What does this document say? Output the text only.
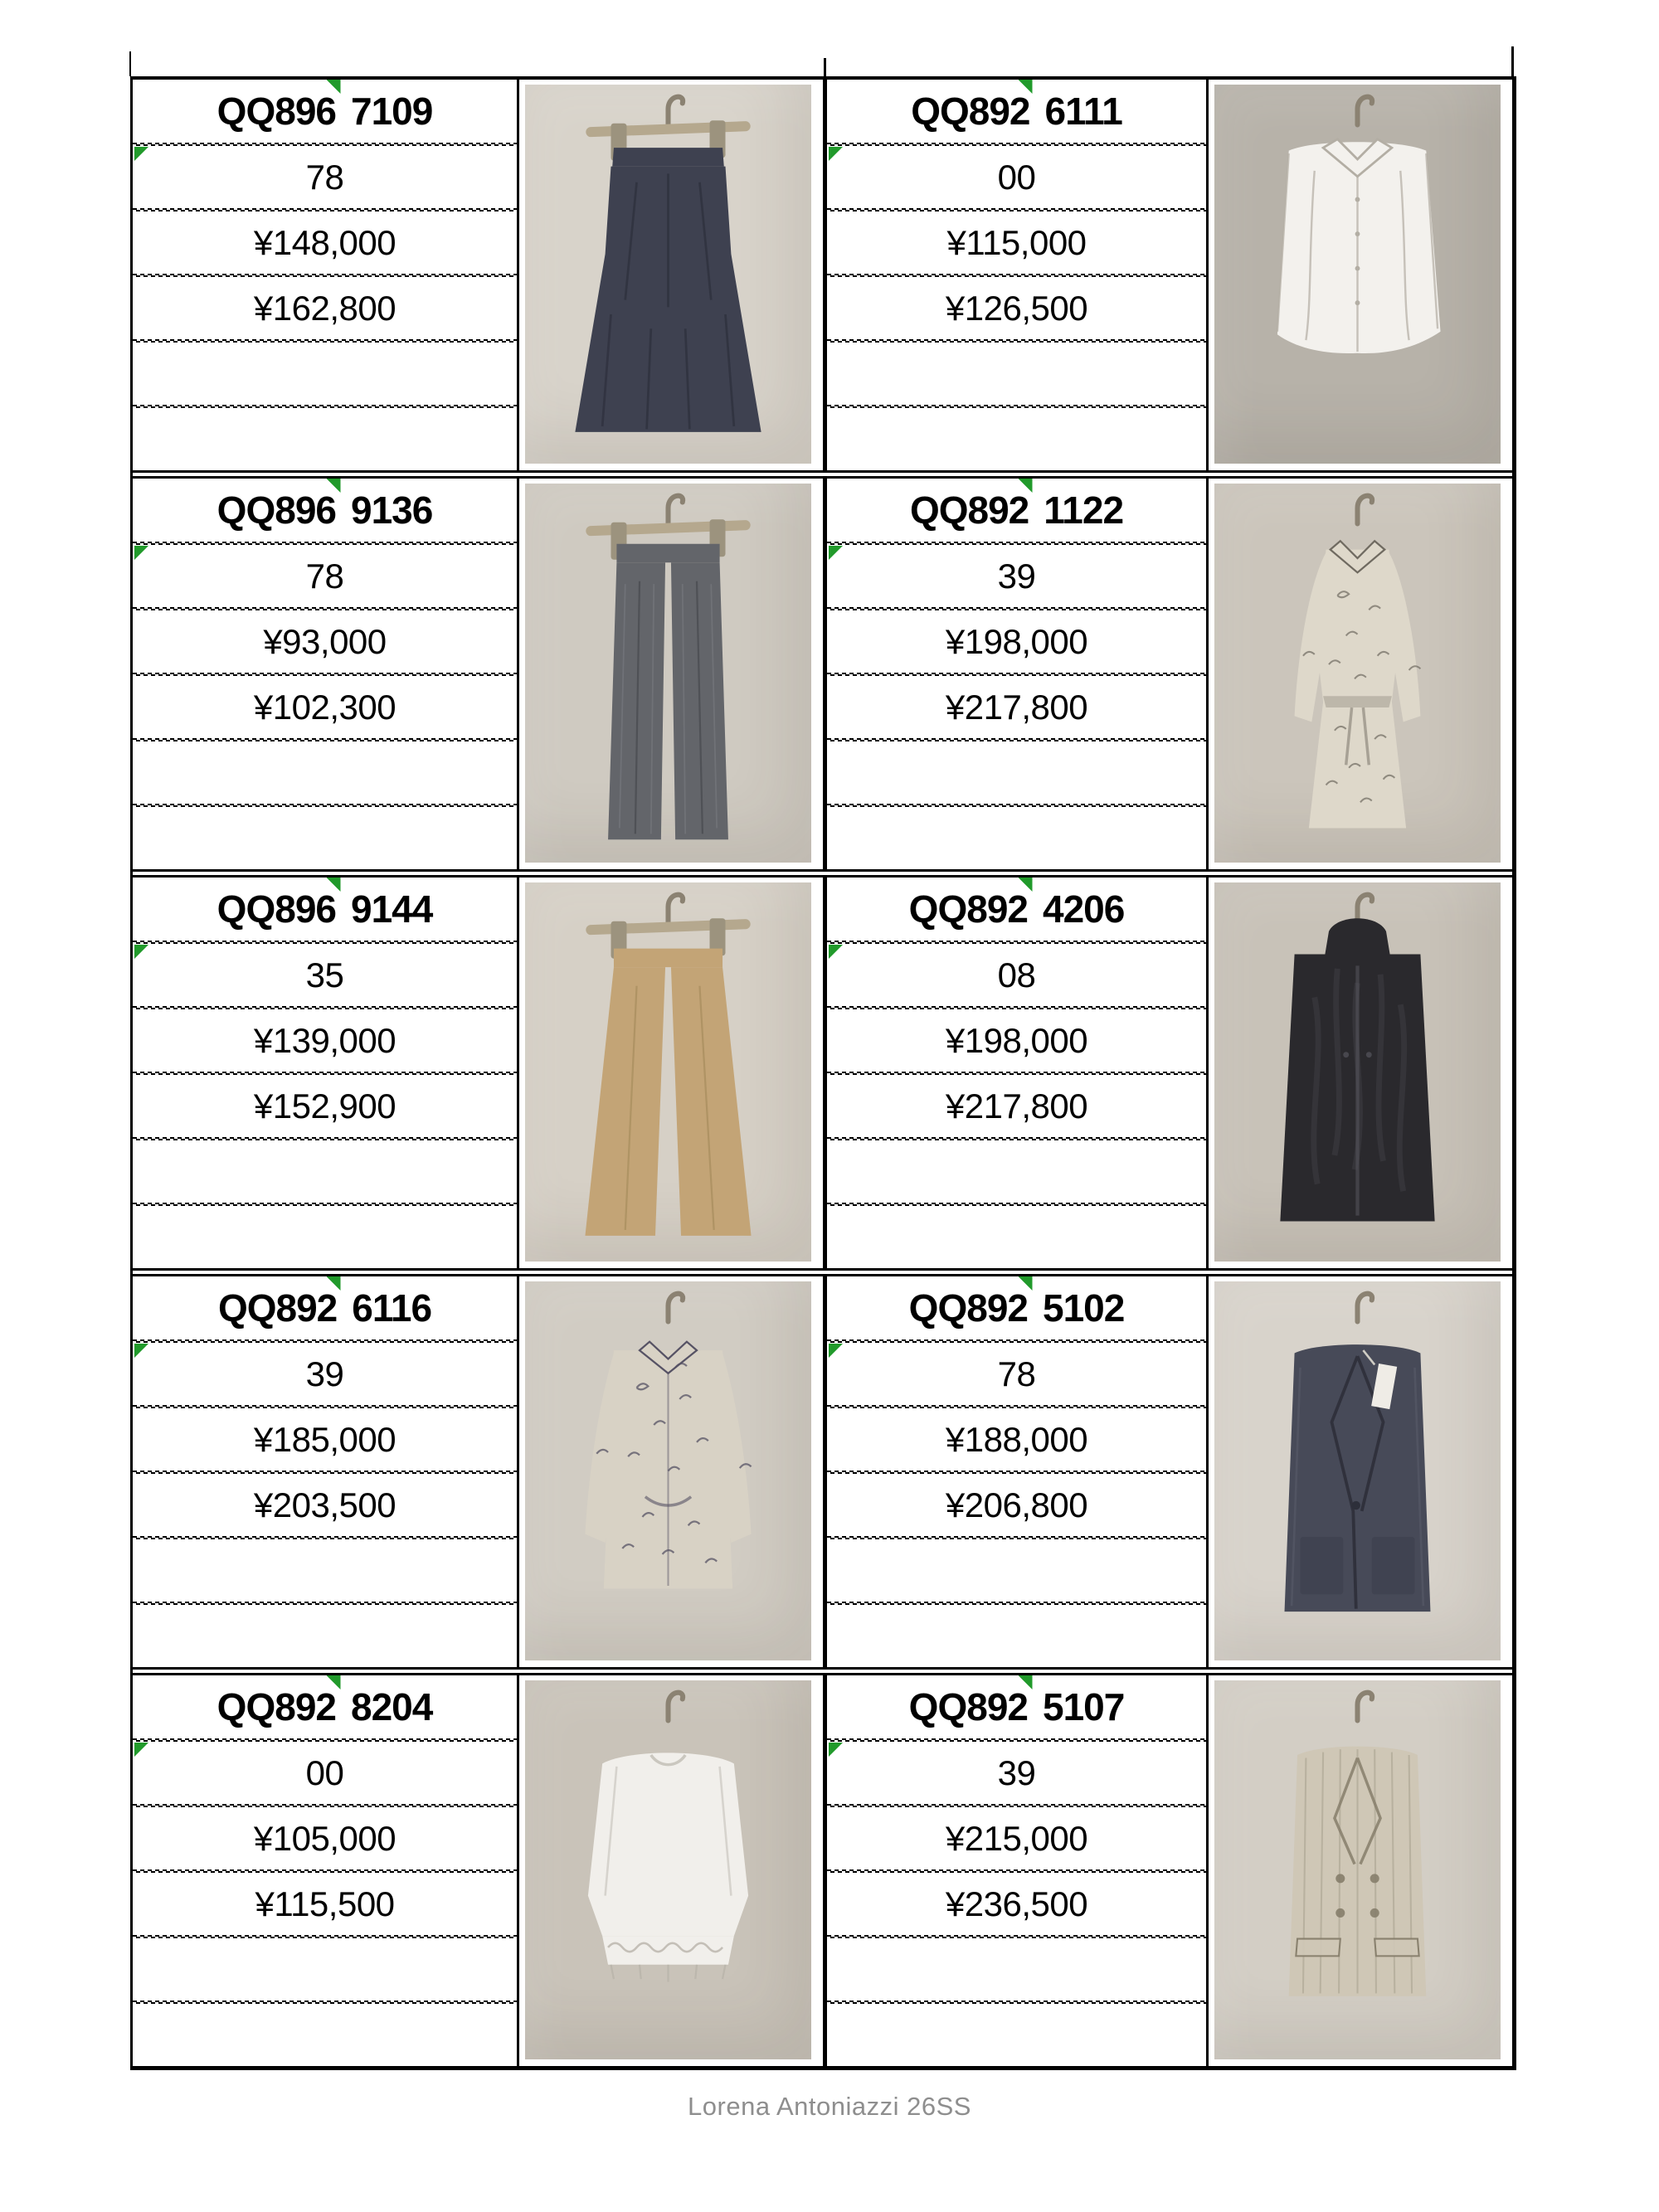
QQ896 7109
78
¥148,000
¥162,800
QQ892 6111
00
¥115,000
¥126,500
QQ896 9136
78
¥93,000
¥102,300
QQ892 1122
39
¥198,000
¥217,800
QQ896 9144
35
¥139,000
¥152,900
QQ892 4206
08
¥198,000
¥217,800
QQ892 6116
39
¥185,000
¥203,500
QQ892 5102
78
¥188,000
¥206,800
QQ892 8204
00
¥105,000
¥115,500
QQ892 5107
39
¥215,000
¥236,500
Lorena Antoniazzi 26SS
